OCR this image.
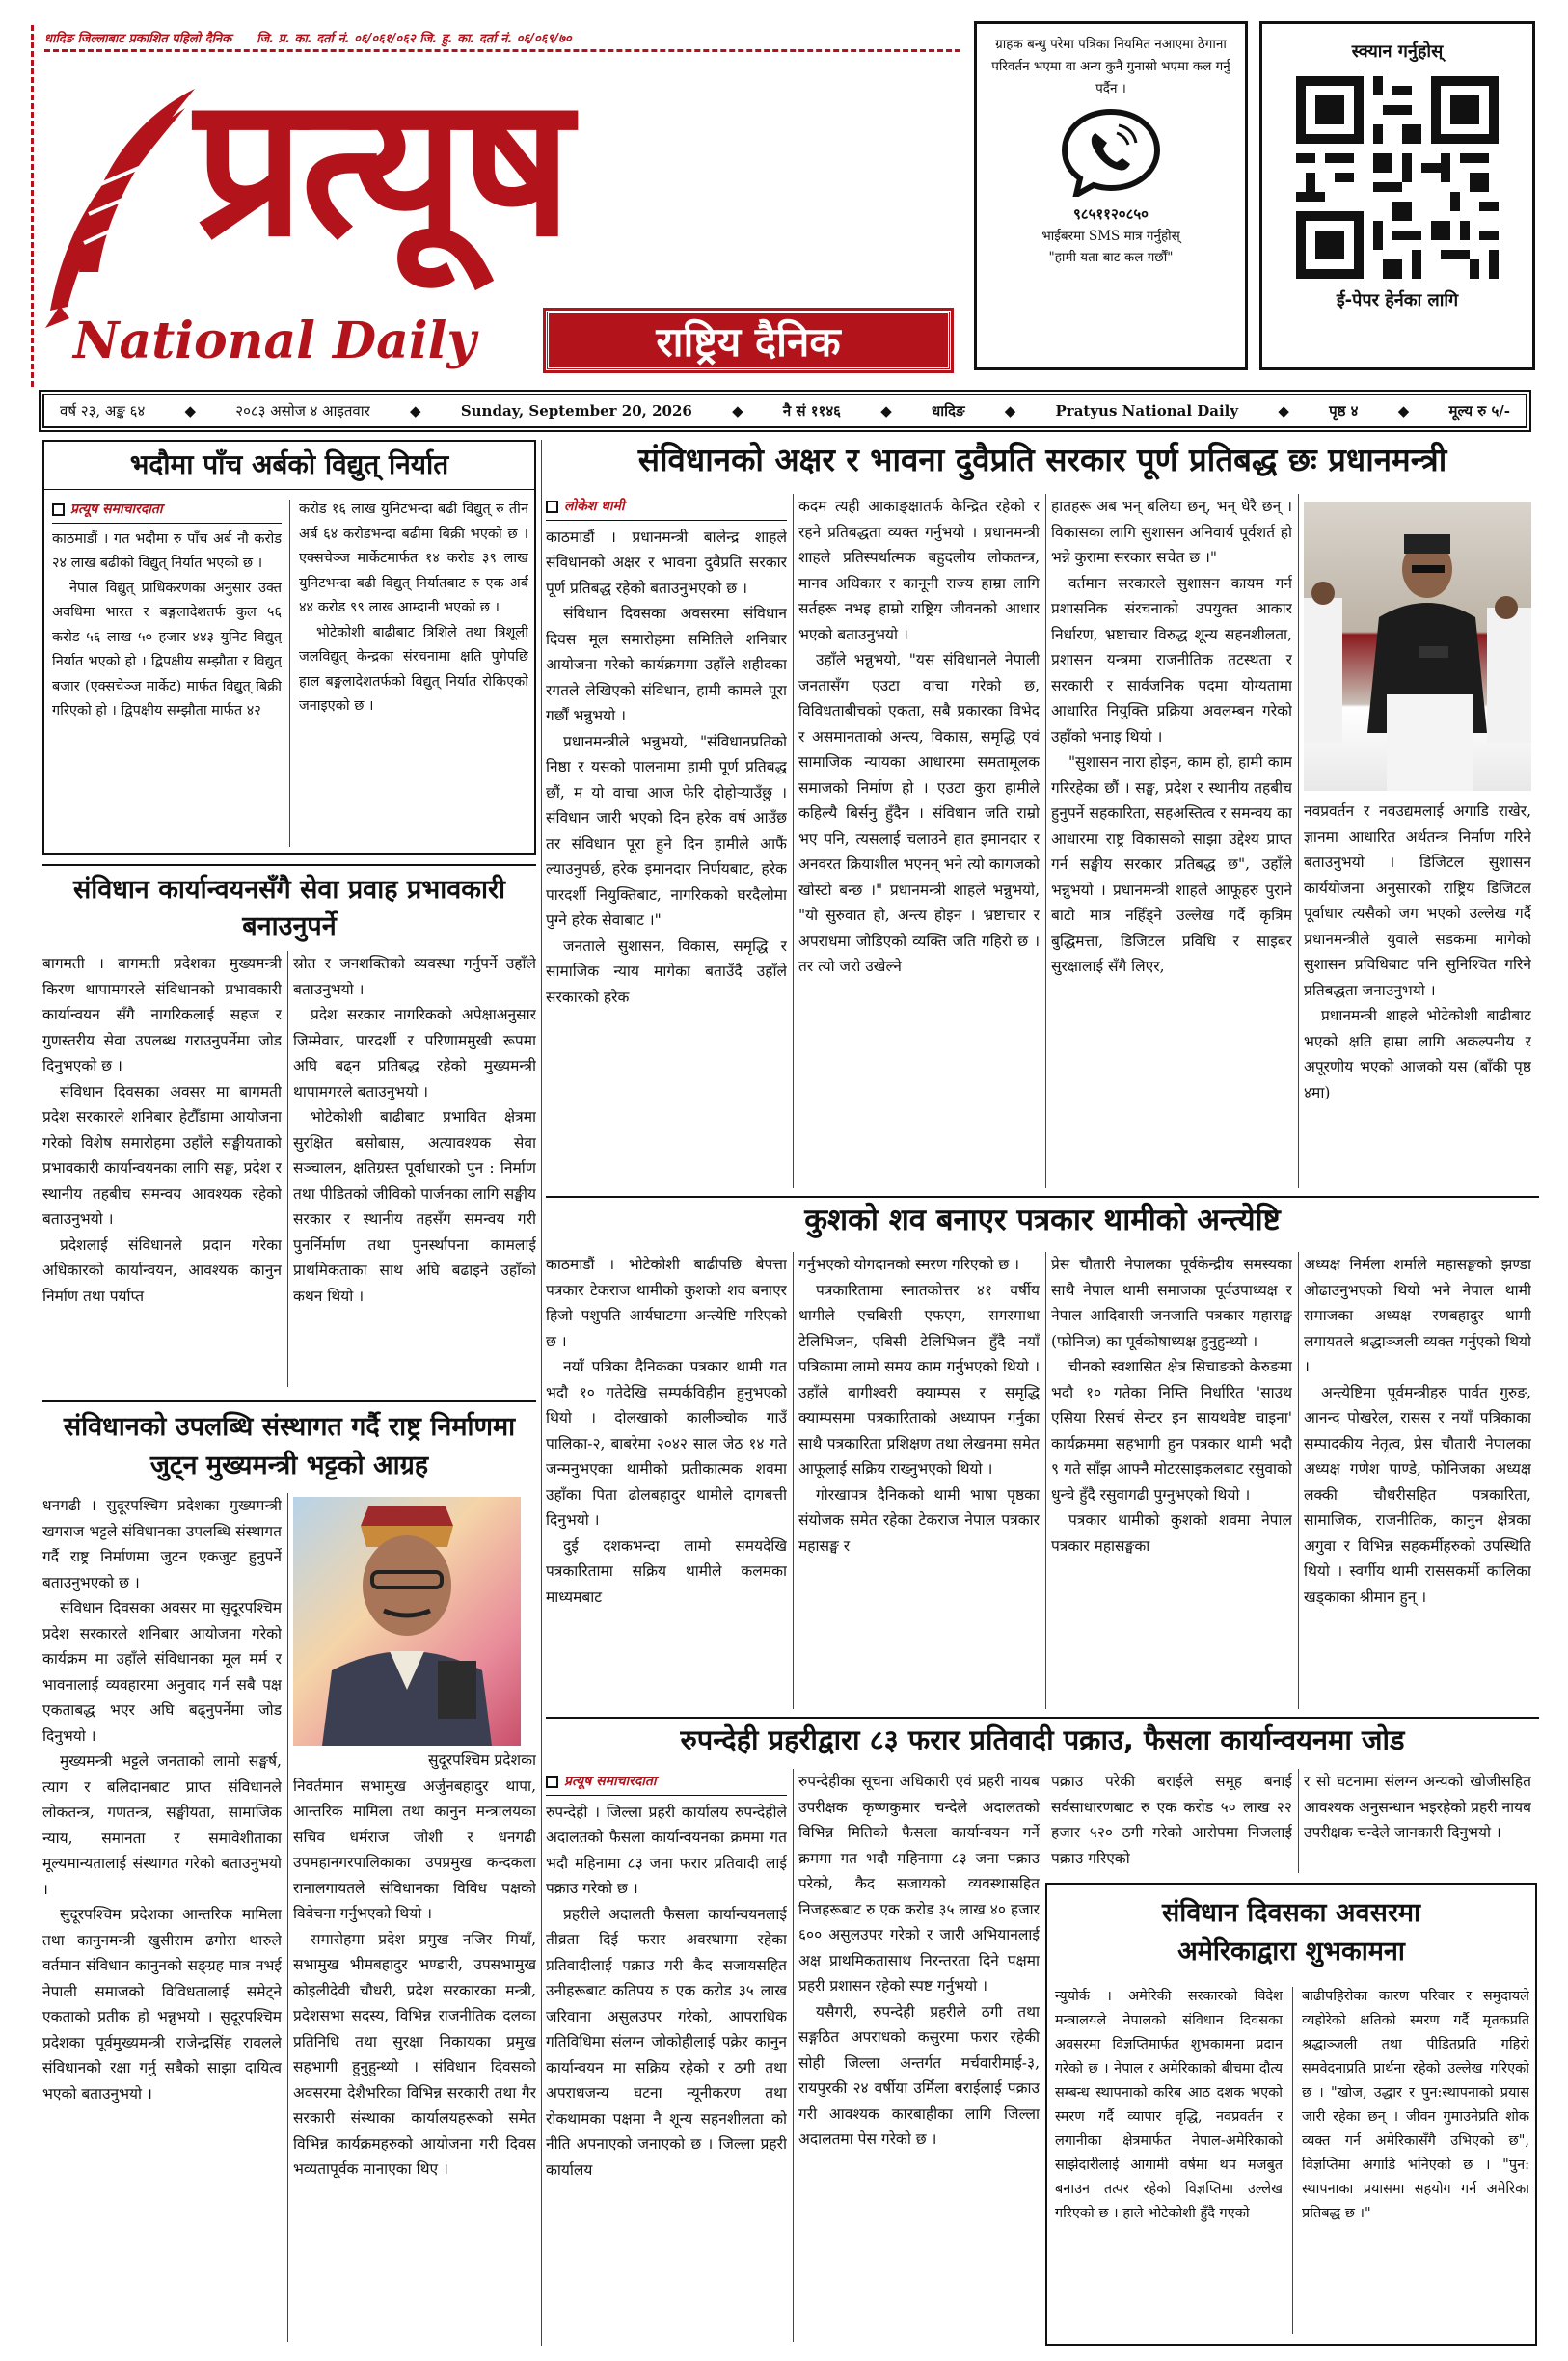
धादिङ जिल्लाबाट प्रकाशित पहिलो दैनिक जि. प्र. का. दर्ता नं. ०६/०६१/०६२ जि. हु. का. दर्ता नं. ०६/०६९/७०
प्रत्यूष
National Daily	राष्ट्रिय दैनिक
ग्राहक बन्धु परेमा पत्रिका नियमित नआएमा ठेगाना परिवर्तन भएमा वा अन्य कुनै गुनासो भएमा कल गर्नु पर्दैन ।
९८५११२०८५०
भाईबरमा SMS मात्र गर्नुहोस्
"हामी यता बाट कल गर्छौं"
स्क्यान गर्नुहोस्
ई-पेपर हेर्नका लागि
वर्ष २३, अङ्क ६४	◆	२०८३ असोज ४ आइतवार	◆	Sunday, September 20, 2026	◆	नै सं ११४६	◆	धादिङ	◆	Pratyus National Daily	◆	पृष्ठ ४	◆	मूल्य रु ५/-
भदौमा पाँच अर्बको विद्युत् निर्यात
प्रत्यूष समाचारदाता

काठमाडौं । गत भदौमा रु पाँच अर्ब नौ करोड २४ लाख बढीको विद्युत् निर्यात भएको छ ।

नेपाल विद्युत् प्राधिकरणका अनुसार उक्त अवधिमा भारत र बङ्गलादेशतर्फ कुल ५६ करोड ५६ लाख ५० हजार ४४३ युनिट विद्युत् निर्यात भएको हो । द्विपक्षीय सम्झौता र विद्युत् बजार (एक्सचेञ्ज मार्केट) मार्फत विद्युत् बिक्री गरिएको हो । द्विपक्षीय सम्झौता मार्फत ४२

करोड १६ लाख युनिटभन्दा बढी विद्युत् रु तीन अर्ब ६४ करोडभन्दा बढीमा बिक्री भएको छ । एक्सचेञ्ज मार्केटमार्फत १४ करोड ३९ लाख युनिटभन्दा बढी विद्युत् निर्यातबाट रु एक अर्ब ४४ करोड ९९ लाख आम्दानी भएको छ ।

भोटेकोशी बाढीबाट त्रिशिले तथा त्रिशूली जलविद्युत् केन्द्रका संरचनामा क्षति पुगेपछि हाल बङ्गलादेशतर्फको विद्युत् निर्यात रोकिएको जनाइएको छ ।

संविधानको अक्षर र भावना दुवैप्रति सरकार पूर्ण प्रतिबद्ध छः प्रधानमन्त्री
लोकेश धामी

काठमाडौं । प्रधानमन्त्री बालेन्द्र शाहले संविधानको अक्षर र भावना दुवैप्रति सरकार पूर्ण प्रतिबद्ध रहेको बताउनुभएको छ ।

संविधान दिवसका अवसरमा संविधान दिवस मूल समारोहमा समितिले शनिबार आयोजना गरेको कार्यक्रममा उहाँले शहीदका रगतले लेखिएको संविधान, हामी कामले पूरा गर्छौं भन्नुभयो ।

प्रधानमन्त्रीले भन्नुभयो, "संविधानप्रतिको निष्ठा र यसको पालनामा हामी पूर्ण प्रतिबद्ध छौं, म यो वाचा आज फेरि दोहोर्‍याउँछु । संविधान जारी भएको दिन हरेक वर्ष आउँछ तर संविधान पूरा हुने दिन हामीले आफैं ल्याउनुपर्छ, हरेक इमानदार निर्णयबाट, हरेक पारदर्शी नियुक्तिबाट, नागरिकको घरदैलोमा पुग्ने हरेक सेवाबाट ।"

जनताले सुशासन, विकास, समृद्धि र सामाजिक न्याय मागेका बताउँदै उहाँले सरकारको हरेक

कदम त्यही आकाङ्क्षातर्फ केन्द्रित रहेको र रहने प्रतिबद्धता व्यक्त गर्नुभयो । प्रधानमन्त्री शाहले प्रतिस्पर्धात्मक बहुदलीय लोकतन्त्र, मानव अधिकार र कानूनी राज्य हाम्रा लागि सर्तहरू नभइ हाम्रो राष्ट्रिय जीवनको आधार भएको बताउनुभयो ।

उहाँले भन्नुभयो, "यस संविधानले नेपाली जनतासँग एउटा वाचा गरेको छ, विविधताबीचको एकता, सबै प्रकारका विभेद र असमानताको अन्त्य, विकास, समृद्धि एवं सामाजिक न्यायका आधारमा समतामूलक समाजको निर्माण हो । एउटा कुरा हामीले कहिल्यै बिर्सनु हुँदैन । संविधान जति राम्रो भए पनि, त्यसलाई चलाउने हात इमानदार र अनवरत क्रियाशील भएनन् भने त्यो कागजको खोस्टो बन्छ ।" प्रधानमन्त्री शाहले भन्नुभयो, "यो सुरुवात हो, अन्त्य होइन । भ्रष्टाचार र अपराधमा जोडिएको व्यक्ति जति गहिरो छ । तर त्यो जरो उखेल्ने

हातहरू अब भन् बलिया छन्, भन् धेरै छन् । विकासका लागि सुशासन अनिवार्य पूर्वशर्त हो भन्ने कुरामा सरकार सचेत छ ।"

वर्तमान सरकारले सुशासन कायम गर्न प्रशासनिक संरचनाको उपयुक्त आकार निर्धारण, भ्रष्टाचार विरुद्ध शून्य सहनशीलता, प्रशासन यन्त्रमा राजनीतिक तटस्थता र सरकारी र सार्वजनिक पदमा योग्यतामा आधारित नियुक्ति प्रक्रिया अवलम्बन गरेको उहाँको भनाइ थियो ।

"सुशासन नारा होइन, काम हो, हामी काम गरिरहेका छौं । सङ्घ, प्रदेश र स्थानीय तहबीच हुनुपर्ने सहकारिता, सहअस्तित्व र समन्वय का आधारमा राष्ट्र विकासको साझा उद्देश्य प्राप्त गर्न सङ्घीय सरकार प्रतिबद्ध छ", उहाँले भन्नुभयो । प्रधानमन्त्री शाहले आफूहरु पुराने बाटो मात्र नहिँड्ने उल्लेख गर्दै कृत्रिम बुद्धिमत्ता, डिजिटल प्रविधि र साइबर सुरक्षालाई सँगै लिएर,

नवप्रवर्तन र नवउद्यमलाई अगाडि राखेर, ज्ञानमा आधारित अर्थतन्त्र निर्माण गरिने बताउनुभयो । डिजिटल सुशासन कार्ययोजना अनुसारको राष्ट्रिय डिजिटल पूर्वाधार त्यसैको जग भएको उल्लेख गर्दै प्रधानमन्त्रीले युवाले सडकमा मागेको सुशासन प्रविधिबाट पनि सुनिश्चित गरिने प्रतिबद्धता जनाउनुभयो ।

प्रधानमन्त्री शाहले भोटेकोशी बाढीबाट भएको क्षति हाम्रा लागि अकल्पनीय र अपूरणीय भएको आजको यस (बाँकी पृष्ठ ४मा)

संविधान कार्यान्वयनसँगै सेवा प्रवाह प्रभावकारी बनाउनुपर्ने

बागमती । बागमती प्रदेशका मुख्यमन्त्री किरण थापामगरले संविधानको प्रभावकारी कार्यान्वयन सँगै नागरिकलाई सहज र गुणस्तरीय सेवा उपलब्ध गराउनुपर्नेमा जोड दिनुभएको छ ।

संविधान दिवसका अवसर मा बागमती प्रदेश सरकारले शनिबार हेटौँडामा आयोजना गरेको विशेष समारोहमा उहाँले सङ्घीयताको प्रभावकारी कार्यान्वयनका लागि सङ्घ, प्रदेश र स्थानीय तहबीच समन्वय आवश्यक रहेको बताउनुभयो ।

प्रदेशलाई संविधानले प्रदान गरेका अधिकारको कार्यान्वयन, आवश्यक कानुन निर्माण तथा पर्याप्त

स्रोत र जनशक्तिको व्यवस्था गर्नुपर्ने उहाँले बताउनुभयो ।

प्रदेश सरकार नागरिकको अपेक्षाअनुसार जिम्मेवार, पारदर्शी र परिणाममुखी रूपमा अघि बढ्न प्रतिबद्ध रहेको मुख्यमन्त्री थापामगरले बताउनुभयो ।

भोटेकोशी बाढीबाट प्रभावित क्षेत्रमा सुरक्षित बसोबास, अत्यावश्यक सेवा सञ्चालन, क्षतिग्रस्त पूर्वाधारको पुन : निर्माण तथा पीडितको जीविको पार्जनका लागि सङ्घीय सरकार र स्थानीय तहसँग समन्वय गरी पुनर्निर्माण तथा पुनर्स्थापना कामलाई प्राथमिकताका साथ अघि बढाइने उहाँको कथन थियो ।

संविधानको उपलब्धि संस्थागत गर्दै राष्ट्र निर्माणमा जुट्न मुख्यमन्त्री भट्टको आग्रह

धनगढी । सुदूरपश्चिम प्रदेशका मुख्यमन्त्री खगराज भट्टले संविधानका उपलब्धि संस्थागत गर्दै राष्ट्र निर्माणमा जुटन एकजुट हुनुपर्ने बताउनुभएको छ ।

संविधान दिवसका अवसर मा सुदूरपश्चिम प्रदेश सरकारले शनिबार आयोजना गरेको कार्यक्रम मा उहाँले संविधानका मूल मर्म र भावनालाई व्यवहारमा अनुवाद गर्न सबै पक्ष एकताबद्ध भएर अघि बढ्नुपर्नेमा जोड दिनुभयो ।

मुख्यमन्त्री भट्टले जनताको लामो सङ्घर्ष, त्याग र बलिदानबाट प्राप्त संविधानले लोकतन्त्र, गणतन्त्र, सङ्घीयता, सामाजिक न्याय, समानता र समावेशीताका मूल्यमान्यतालाई संस्थागत गरेको बताउनुभयो ।

सुदूरपश्चिम प्रदेशका आन्तरिक मामिला तथा कानुनमन्त्री खुसीराम ढगोरा थारुले वर्तमान संविधान कानुनको सङ्ग्रह मात्र नभई नेपाली समाजको विविधतालाई समेट्ने एकताको प्रतीक हो भन्नुभयो । सुदूरपश्चिम प्रदेशका पूर्वमुख्यमन्त्री राजेन्द्रसिंह रावलले संविधानको रक्षा गर्नु सबैको साझा दायित्व भएको बताउनुभयो ।

सुदूरपश्चिम प्रदेशका

निवर्तमान सभामुख अर्जुनबहादुर थापा, आन्तरिक मामिला तथा कानुन मन्त्रालयका सचिव धर्मराज जोशी र धनगढी उपमहानगरपालिकाका उपप्रमुख कन्दकला रानालगायतले संविधानका विविध पक्षको विवेचना गर्नुभएको थियो ।

समारोहमा प्रदेश प्रमुख नजिर मियाँ, सभामुख भीमबहादुर भण्डारी, उपसभामुख कोइलीदेवी चौधरी, प्रदेश सरकारका मन्त्री, प्रदेशसभा सदस्य, विभिन्न राजनीतिक दलका प्रतिनिधि तथा सुरक्षा निकायका प्रमुख सहभागी हुनुहुन्थ्यो । संविधान दिवसको अवसरमा देशैभरिका विभिन्न सरकारी तथा गैर सरकारी संस्थाका कार्यालयहरूको समेत विभिन्न कार्यक्रमहरुको आयोजना गरी दिवस भव्यतापूर्वक मानाएका थिए ।

कुशको शव बनाएर पत्रकार थामीको अन्त्येष्टि

काठमाडौं । भोटेकोशी बाढीपछि बेपत्ता पत्रकार टेकराज थामीको कुशको शव बनाएर हिजो पशुपति आर्यघाटमा अन्त्येष्टि गरिएको छ ।

नयाँ पत्रिका दैनिकका पत्रकार थामी गत भदौ १० गतेदेखि सम्पर्कविहीन हुनुभएको थियो । दोलखाको कालीञ्चोक गाउँ पालिका-२, बाबरेमा २०४२ साल जेठ १४ गते जन्मनुभएका थामीको प्रतीकात्मक शवमा उहाँका पिता ढोलबहादुर थामीले दागबत्ती दिनुभयो ।

दुई दशकभन्दा लामो समयदेखि पत्रकारितामा सक्रिय थामीले कलमका माध्यमबाट

गर्नुभएको योगदानको स्मरण गरिएको छ ।

पत्रकारितामा स्नातकोत्तर ४१ वर्षीय थामीले एचबिसी एफएम, सगरमाथा टेलिभिजन, एबिसी टेलिभिजन हुँदै नयाँ पत्रिकामा लामो समय काम गर्नुभएको थियो । उहाँले बागीश्वरी क्याम्पस र समृद्धि क्याम्पसमा पत्रकारिताको अध्यापन गर्नुका साथै पत्रकारिता प्रशिक्षण तथा लेखनमा समेत आफूलाई सक्रिय राख्नुभएको थियो ।

गोरखापत्र दैनिकको थामी भाषा पृष्ठका संयोजक समेत रहेका टेकराज नेपाल पत्रकार महासङ्घ र

प्रेस चौतारी नेपालका पूर्वकेन्द्रीय समस्यका साथै नेपाल थामी समाजका पूर्वउपाध्यक्ष र नेपाल आदिवासी जनजाति पत्रकार महासङ्घ (फोनिज) का पूर्वकोषाध्यक्ष हुनुहुन्थ्यो ।

चीनको स्वशासित क्षेत्र सिचाङको केरुङमा भदौ १० गतेका निम्ति निर्धारित 'साउथ एसिया रिसर्च सेन्टर इन सायथवेष्ट चाइना' कार्यक्रममा सहभागी हुन पत्रकार थामी भदौ ९ गते साँझ आफ्नै मोटरसाइकलबाट रसुवाको धुन्चे हुँदै रसुवागढी पुग्नुभएको थियो ।

पत्रकार थामीको कुशको शवमा नेपाल पत्रकार महासङ्घका

अध्यक्ष निर्मला शर्माले महासङ्घको झण्डा ओढाउनुभएको थियो भने नेपाल थामी समाजका अध्यक्ष रणबहादुर थामी लगायतले श्रद्धाञ्जली व्यक्त गर्नुएको थियो ।

अन्त्येष्टिमा पूर्वमन्त्रीहरु पार्वत गुरुङ, आनन्द पोखरेल, रासस र नयाँ पत्रिकाका सम्पादकीय नेतृत्व, प्रेस चौतारी नेपालका अध्यक्ष गणेश पाण्डे, फोनिजका अध्यक्ष लक्की चौधरीसहित पत्रकारिता, सामाजिक, राजनीतिक, कानुन क्षेत्रका अगुवा र विभिन्न सहकर्मीहरुको उपस्थिति थियो । स्वर्गीय थामी राससकर्मी कालिका खड्काका श्रीमान हुन् ।

रुपन्देही प्रहरीद्वारा ८३ फरार प्रतिवादी पक्राउ, फैसला कार्यान्वयनमा जोड
प्रत्यूष समाचारदाता

रुपन्देही । जिल्ला प्रहरी कार्यालय रुपन्देहीले अदालतको फैसला कार्यान्वयनका क्रममा गत भदौ महिनामा ८३ जना फरार प्रतिवादी लाई पक्राउ गरेको छ ।

प्रहरीले अदालती फैसला कार्यान्वयनलाई तीव्रता दिई फरार अवस्थामा रहेका प्रतिवादीलाई पक्राउ गरी कैद सजायसहित उनीहरूबाट कतिपय रु एक करोड ३५ लाख जरिवाना असुलउपर गरेको, आपराधिक गतिविधिमा संलग्न जोकोहीलाई पक्रेर कानुन कार्यान्वयन मा सक्रिय रहेको र ठगी तथा अपराधजन्य घटना न्यूनीकरण तथा रोकथामका पक्षमा नै शून्य सहनशीलता को नीति अपनाएको जनाएको छ । जिल्ला प्रहरी कार्यालय

रुपन्देहीका सूचना अधिकारी एवं प्रहरी नायब उपरीक्षक कृष्णकुमार चन्देले अदालतको विभिन्न मितिको फैसला कार्यान्वयन गर्ने क्रममा गत भदौ महिनामा ८३ जना पक्राउ परेको, कैद सजायको व्यवस्थासहित निजहरूबाट रु एक करोड ३५ लाख ४० हजार ६०० असुलउपर गरेको र जारी अभियानलाई अक्ष प्राथमिकतासाथ निरन्तरता दिने पक्षमा प्रहरी प्रशासन रहेको स्पष्ट गर्नुभयो ।

यसैगरी, रुपन्देही प्रहरीले ठगी तथा सङ्गठित अपराधको कसुरमा फरार रहेकी सोही जिल्ला अन्तर्गत मर्चवारीमाई-३, रायपुरकी २४ वर्षीया उर्मिला बराईलाई पक्राउ गरी आवश्यक कारबाहीका लागि जिल्ला अदालतमा पेस गरेको छ ।

पक्राउ परेकी बराईले समूह बनाई सर्वसाधारणबाट रु एक करोड ५० लाख २२ हजार ५२० ठगी गरेको आरोपमा निजलाई पक्राउ गरिएको

र सो घटनामा संलग्न अन्यको खोजीसहित आवश्यक अनुसन्धान भइरहेको प्रहरी नायब उपरीक्षक चन्देले जानकारी दिनुभयो ।

संविधान दिवसका अवसरमा अमेरिकाद्वारा शुभकामना

न्युयोर्क । अमेरिकी सरकारको विदेश मन्त्रालयले नेपालको संविधान दिवसका अवसरमा विज्ञप्तिमार्फत शुभकामना प्रदान गरेको छ । नेपाल र अमेरिकाको बीचमा दौत्य सम्बन्ध स्थापनाको करिब आठ दशक भएको स्मरण गर्दै व्यापार वृद्धि, नवप्रवर्तन र लगानीका क्षेत्रमार्फत नेपाल-अमेरिकाको साझेदारीलाई आगामी वर्षमा थप मजबुत बनाउन तत्पर रहेको विज्ञप्तिमा उल्लेख गरिएको छ । हाले भोटेकोशी हुँदै गएको

बाढीपहिरोका कारण परिवार र समुदायले व्यहोरेको क्षतिको स्मरण गर्दै मृतकप्रति श्रद्धाञ्जली तथा पीडितप्रति गहिरो समवेदनाप्रति प्रार्थना रहेको उल्लेख गरिएको छ । "खोज, उद्धार र पुन:स्थापनाको प्रयास जारी रहेका छन् । जीवन गुमाउनेप्रति शोक व्यक्त गर्न अमेरिकासँगै उभिएको छ", विज्ञप्तिमा अगाडि भनिएको छ । "पुन: स्थापनाका प्रयासमा सहयोग गर्न अमेरिका प्रतिबद्ध छ ।"
